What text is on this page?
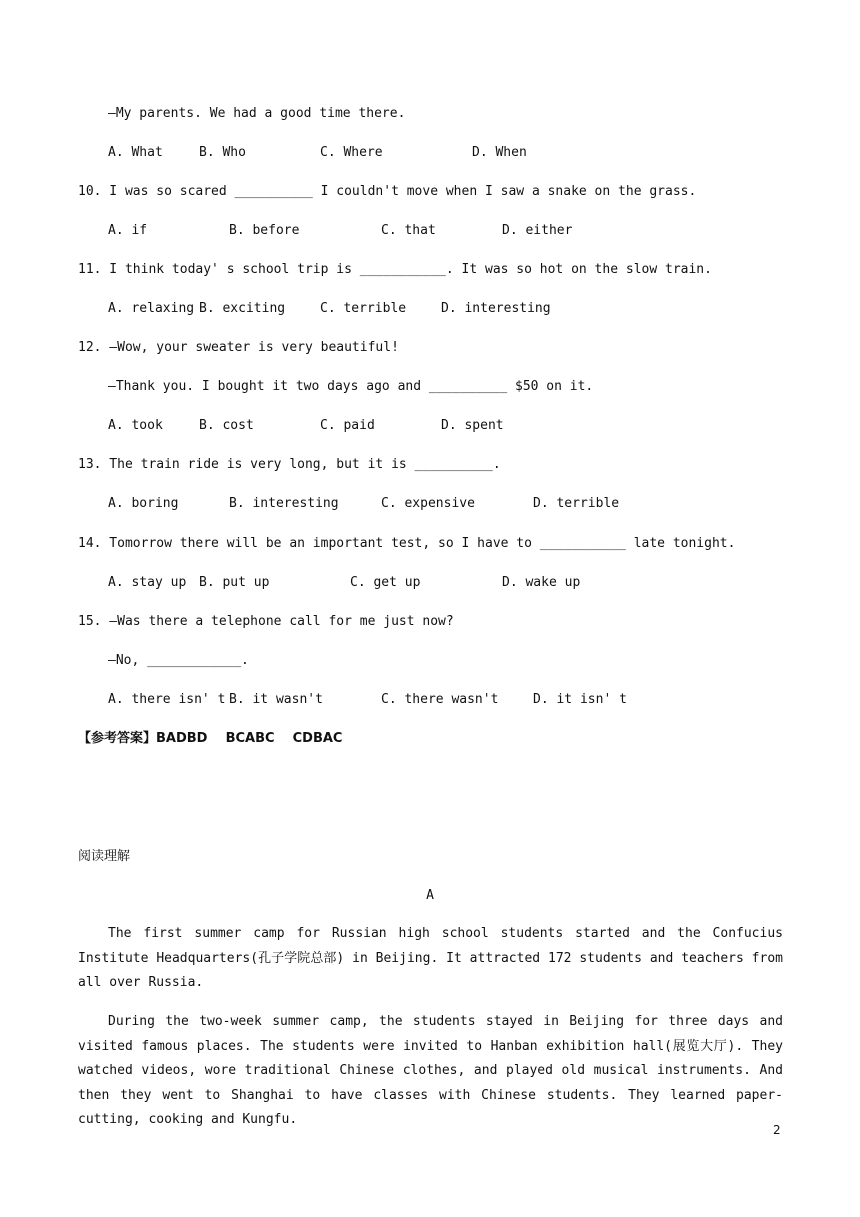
—My parents. We had a good time there.
A. What	B. Who	C. Where	D. When
10. I was so scared __________ I couldn't move when I saw a snake on the grass.
A. if	B. before	C. that	D. either
11. I think today' s school trip is ___________. It was so hot on the slow train.
A. relaxing B. exciting	C. terrible	D. interesting
12. —Wow, your sweater is very beautiful!
—Thank you. I bought it two days ago and __________ $50 on it.
A. took	B. cost	C. paid	D. spent
13. The train ride is very long, but it is __________.
A. boring	B. interesting	C. expensive	D. terrible
14. Tomorrow there will be an important test, so I have to ___________ late tonight.
A. stay up B. put up	C. get up	D. wake up
15. —Was there a telephone call for me just now?
—No, ____________.
A. there isn' t B. it wasn't	C. there wasn't	D. it isn' t
【参考答案】BADBD    BCABC    CDBAC
阅读理解
A
The first summer camp for Russian high school students started and the Confucius Institute Headquarters(孔子学院总部) in Beijing. It attracted 172 students and teachers from all over Russia.
During the two-week summer camp, the students stayed in Beijing for three days and visited famous places. The students were invited to Hanban exhibition hall(展览大厅). They watched videos, wore traditional Chinese clothes, and played old musical instruments. And then they went to Shanghai to have classes with Chinese students. They learned paper-cutting, cooking and Kungfu.
2
